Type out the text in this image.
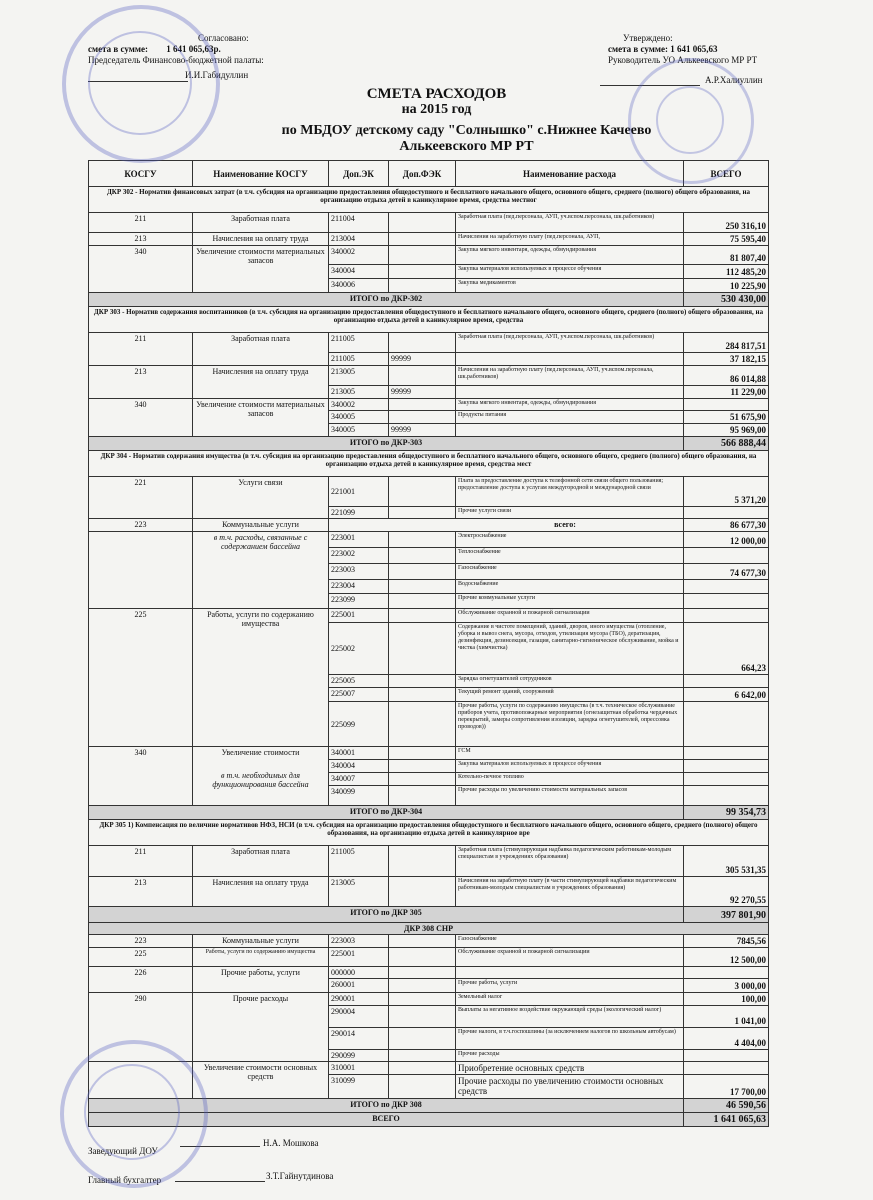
Согласовано:
смета в сумме: 1 641 065,63р.
Председатель Финансово-бюджетной палаты:
И.И.Габидуллин
Утверждено:
смета в сумме: 1 641 065,63
Руководитель УО Алькеевского МР РТ
А.Р.Халиуллин
СМЕТА РАСХОДОВ
на 2015 год
по МБДОУ детскому саду "Солнышко" с.Нижнее Качеево
Алькеевского МР РТ
КОСГУ	Наименование КОСГУ	Доп.ЭК	Доп.ФЭК	Наименование расхода	ВСЕГО
ДКР 302 - Норматив финансовых затрат (в т.ч. субсидия на организацию предоставления общедоступного и бесплатного начального общего, основного общего, среднего (полного) общего образования, на организацию отдыха детей в каникулярное время, средства местног					
211	Заработная плата	211004		Заработная плата (пед.персонала, АУП, уч.вспом.персонала, шк.работников)	250 316,10
213	Начисления на оплату труда	213004		Начисления на заработную плату (пед.персонала, АУП,	75 595,40
340	Увеличение стоимости материальных запасов	340002		Закупка мягкого инвентаря, одежды, обмундирования	81 807,40
		340004		Закупка материалов используемых в процессе обучения	112 485,20
		340006		Закупка медикаментов	10 225,90
ИТОГО по ДКР-302					530 430,00
ДКР 303 - Норматив содержания воспитанников (в т.ч. субсидия на организацию предоставления общедоступного и бесплатного начального общего, основного общего, среднего (полного) общего образования, на организацию отдыха детей в каникулярное время, средства					
211	Заработная плата	211005		Заработная плата (пед.персонала, АУП, уч.вспом.персонала, шк.работников)	284 817,51
		211005	99999		37 182,15
213	Начисления на оплату труда	213005		Начисления на заработную плату (пед.персонала, АУП, уч.вспом.персонала, шк.работников)	86 014,88
		213005	99999		11 229,00
340	Увеличение стоимости материальных запасов	340002		Закупка мягкого инвентаря, одежды, обмундирования	
		340005		Продукты питания	51 675,90
		340005	99999		95 969,00
ИТОГО по ДКР-303					566 888,44
ДКР 304 - Норматив содержания имущества (в т.ч. субсидия на организацию предоставления общедоступного и бесплатного начального общего, основного общего, среднего (полного) общего образования, на организацию отдыха детей в каникулярное время, средства мест					
221	Услуги связи	221001		Плата за предоставление доступа к телефонной сети связи общего пользования; предоставление доступа к услугам междугородной и международной связи	5 371,20
		221099		Прочие услуги связи	
223	Коммунальные услуги	всего:			86 677,30
	в т.ч. расходы, связанные с содержанием бассейна	223001		Электроснабжение	12 000,00
		223002		Теплоснабжение	
		223003		Газоснабжение	74 677,30
		223004		Водоснабжение	
		223099		Прочие коммунальные услуги	
225	Работы, услуги по содержанию имущества	225001		Обслуживание охранной и пожарной сигнализации	
		225002		Содержание в чистоте помещений, зданий, дворов, иного имущества (отопление, уборка и вывоз снега, мусора, отходов, утилизация мусора (ТБО), дератизация, дезинфекция, дезинсекция, газация, санитарно-гигиеническое обслуживание, мойка и чистка (химчистка)	664,23
		225005		Зарядка огнетушителей сотрудников	
		225007		Текущий ремонт зданий, сооружений	6 642,00
		225099		Прочие работы, услуги по содержанию имущества (в т.ч. техническое обслуживание приборов учета, противопожарные мероприятия (огнезащитная обработка чердачных перекрытий, замеры сопротивления изоляции, зарядка огнетушителей, опрессовка проводов))	
340	Увеличение стоимости
в т.ч. необходимых для функционирования бассейна	340001		ГСМ	
		340004		Закупка материалов используемых в процессе обучения	
		340007		Котельно-печное топливо	
		340099		Прочие расходы по увеличению стоимости материальных запасов	
ИТОГО по ДКР-304					99 354,73
ДКР 305 1) Компенсация по величине нормативов НФЗ, НСИ (в т.ч. субсидия на организацию предоставления общедоступного и бесплатного начального общего, основного общего, среднего (полного) общего образования, на организацию отдыха детей в каникулярное вре					
211	Заработная плата	211005		Заработная плата (стимулирующая надбавка педагогическим работникам-молодым специалистам в учреждениях образования)	305 531,35
213	Начисления на оплату труда	213005		Начисления на заработную плату (в части стимулирующей надбавки педагогическим работникам-молодым специалистам в учреждениях образования)	92 270,55
ИТОГО по ДКР 305					397 801,90
ДКР 308 СНР					
223	Коммунальные услуги	223003		Газоснабжение	7845,56
225	Работы, услуги по содержанию имущества	225001		Обслуживание охранной и пожарной сигнализации	12 500,00
226	Прочие работы, услуги	000000			
		260001		Прочие работы, услуги	3 000,00
290	Прочие расходы	290001		Земельный налог	100,00
		290004		Выплаты за негативное воздействие окружающей среды (экологический налог)	1 041,00
		290014		Прочие налоги, в т.ч.госпошлины (за исключением налогов по школьным автобусам)	4 404,00
		290099		Прочие расходы	
	Увеличение стоимости основных средств	310001		Приобретение основных средств	
		310099		Прочие расходы по увеличению стоимости основных средств	17 700,00
ИТОГО по ДКР 308					46 590,56
ВСЕГО					1 641 065,63
Заведующий ДОУ
Н.А. Мошкова
Главный бухгалтер	З.Т.Гайнутдинова
